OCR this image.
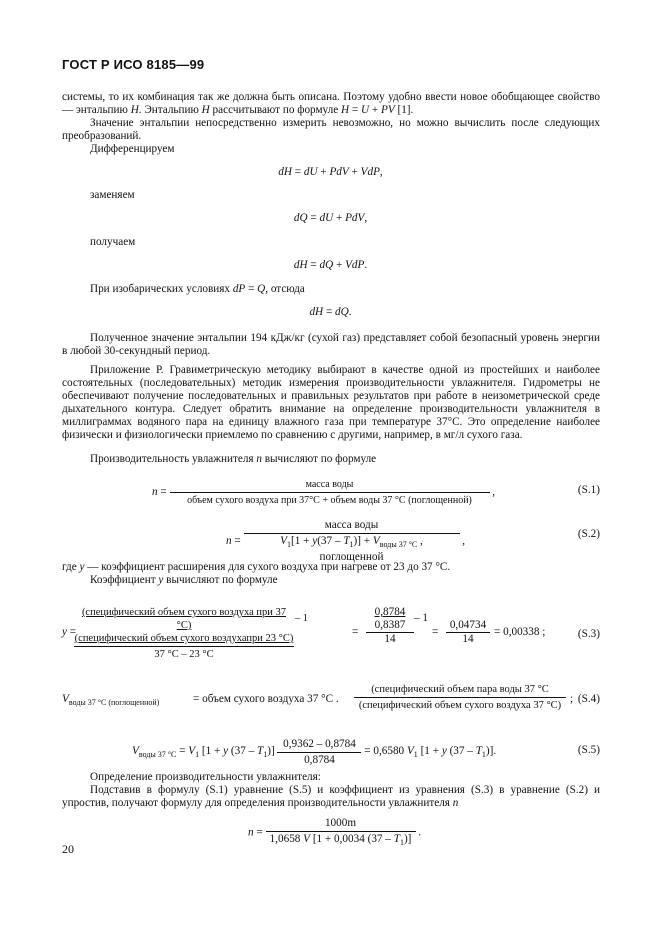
ГОСТ Р ИСО 8185—99
системы, то их комбинация так же должна быть описана. Поэтому удобно ввести новое обобщающее свойство — энтальпию H. Энтальпию H рассчитывают по формуле H = U + PV [1].
Значение энтальпии непосредственно измерить невозможно, но можно вычислить после следующих преобразований.
Дифференцируем
dH = dU + PdV + VdP,
заменяем
dQ = dU + PdV,
получаем
dH = dQ + VdP.
При изобарических условиях dP = Q, отсюда
dH = dQ.
Полученное значение энтальпии 194 кДж/кг (сухой газ) представляет собой безопасный уровень энергии в любой 30-секундный период.
Приложение Р. Гравиметрическую методику выбирают в качестве одной из простейших и наиболее состоятельных (последовательных) методик измерения производительности увлажнителя. Гидрометры не обеспечивают получение последовательных и правильных результатов при работе в неизометрической среде дыхательного контура. Следует обратить внимание на определение производительности увлажнителя в миллиграммах водяного пара на единицу влажного газа при температуре 37°С. Это определение наиболее физически и физиологически приемлемо по сравнению с другими, например, в мг/л сухого газа.
Производительность увлажнителя n вычисляют по формуле
n =
масса воды
объем сухого воздуха при 37°С + объем воды 37 °С (поглощенной)
,	(S.1)
$n = \frac{\text{масса воды}}{V_1[1 + y(37 - T_1)] + V_{воды 37 ^\circ С} , поглощенной}$ ,
(S.2)
где y — коэффициент расширения для сухого воздуха при нагреве от 23 до 37 °С.
Коэффициент y вычисляют по формуле
y =
(специфический объем сухого воздуха при 37 °С)
– 1
(специфический объем сухого воздухапри 23 °С)
37 °С – 23 °С
=
0,8784
0,8387
14
– 1
= $\frac{0,04734}{14} = 0,00338$ ;	(S.3)
$V_{воды 37 ^\circ С (поглощенной)}$	= объем сухого воздуха 37 °С .
(специфический объем пара воды 37 °С
(специфический объем сухого воздуха 37 °С)
; (S.4)
$V_{воды 37 ^\circ С} = V_1$ [1 + y $(37 - T_1)] \frac{0,9362 - 0,8784}{0,8784} = 0,6580$ $V_1$ [1 + y $(37 - T_1)$].	(S.5)
Определение производительности увлажнителя:
Подставив в формулу (S.1) уравнение (S.5) и коэффициент из уравнения (S.3) в уравнение (S.2) и упростив, получают формулу для определения производительности увлажнителя n
$n = \frac{1000m}{1,0658 V [1 + 0,0034 (37 - T_1)]}$ .
20
